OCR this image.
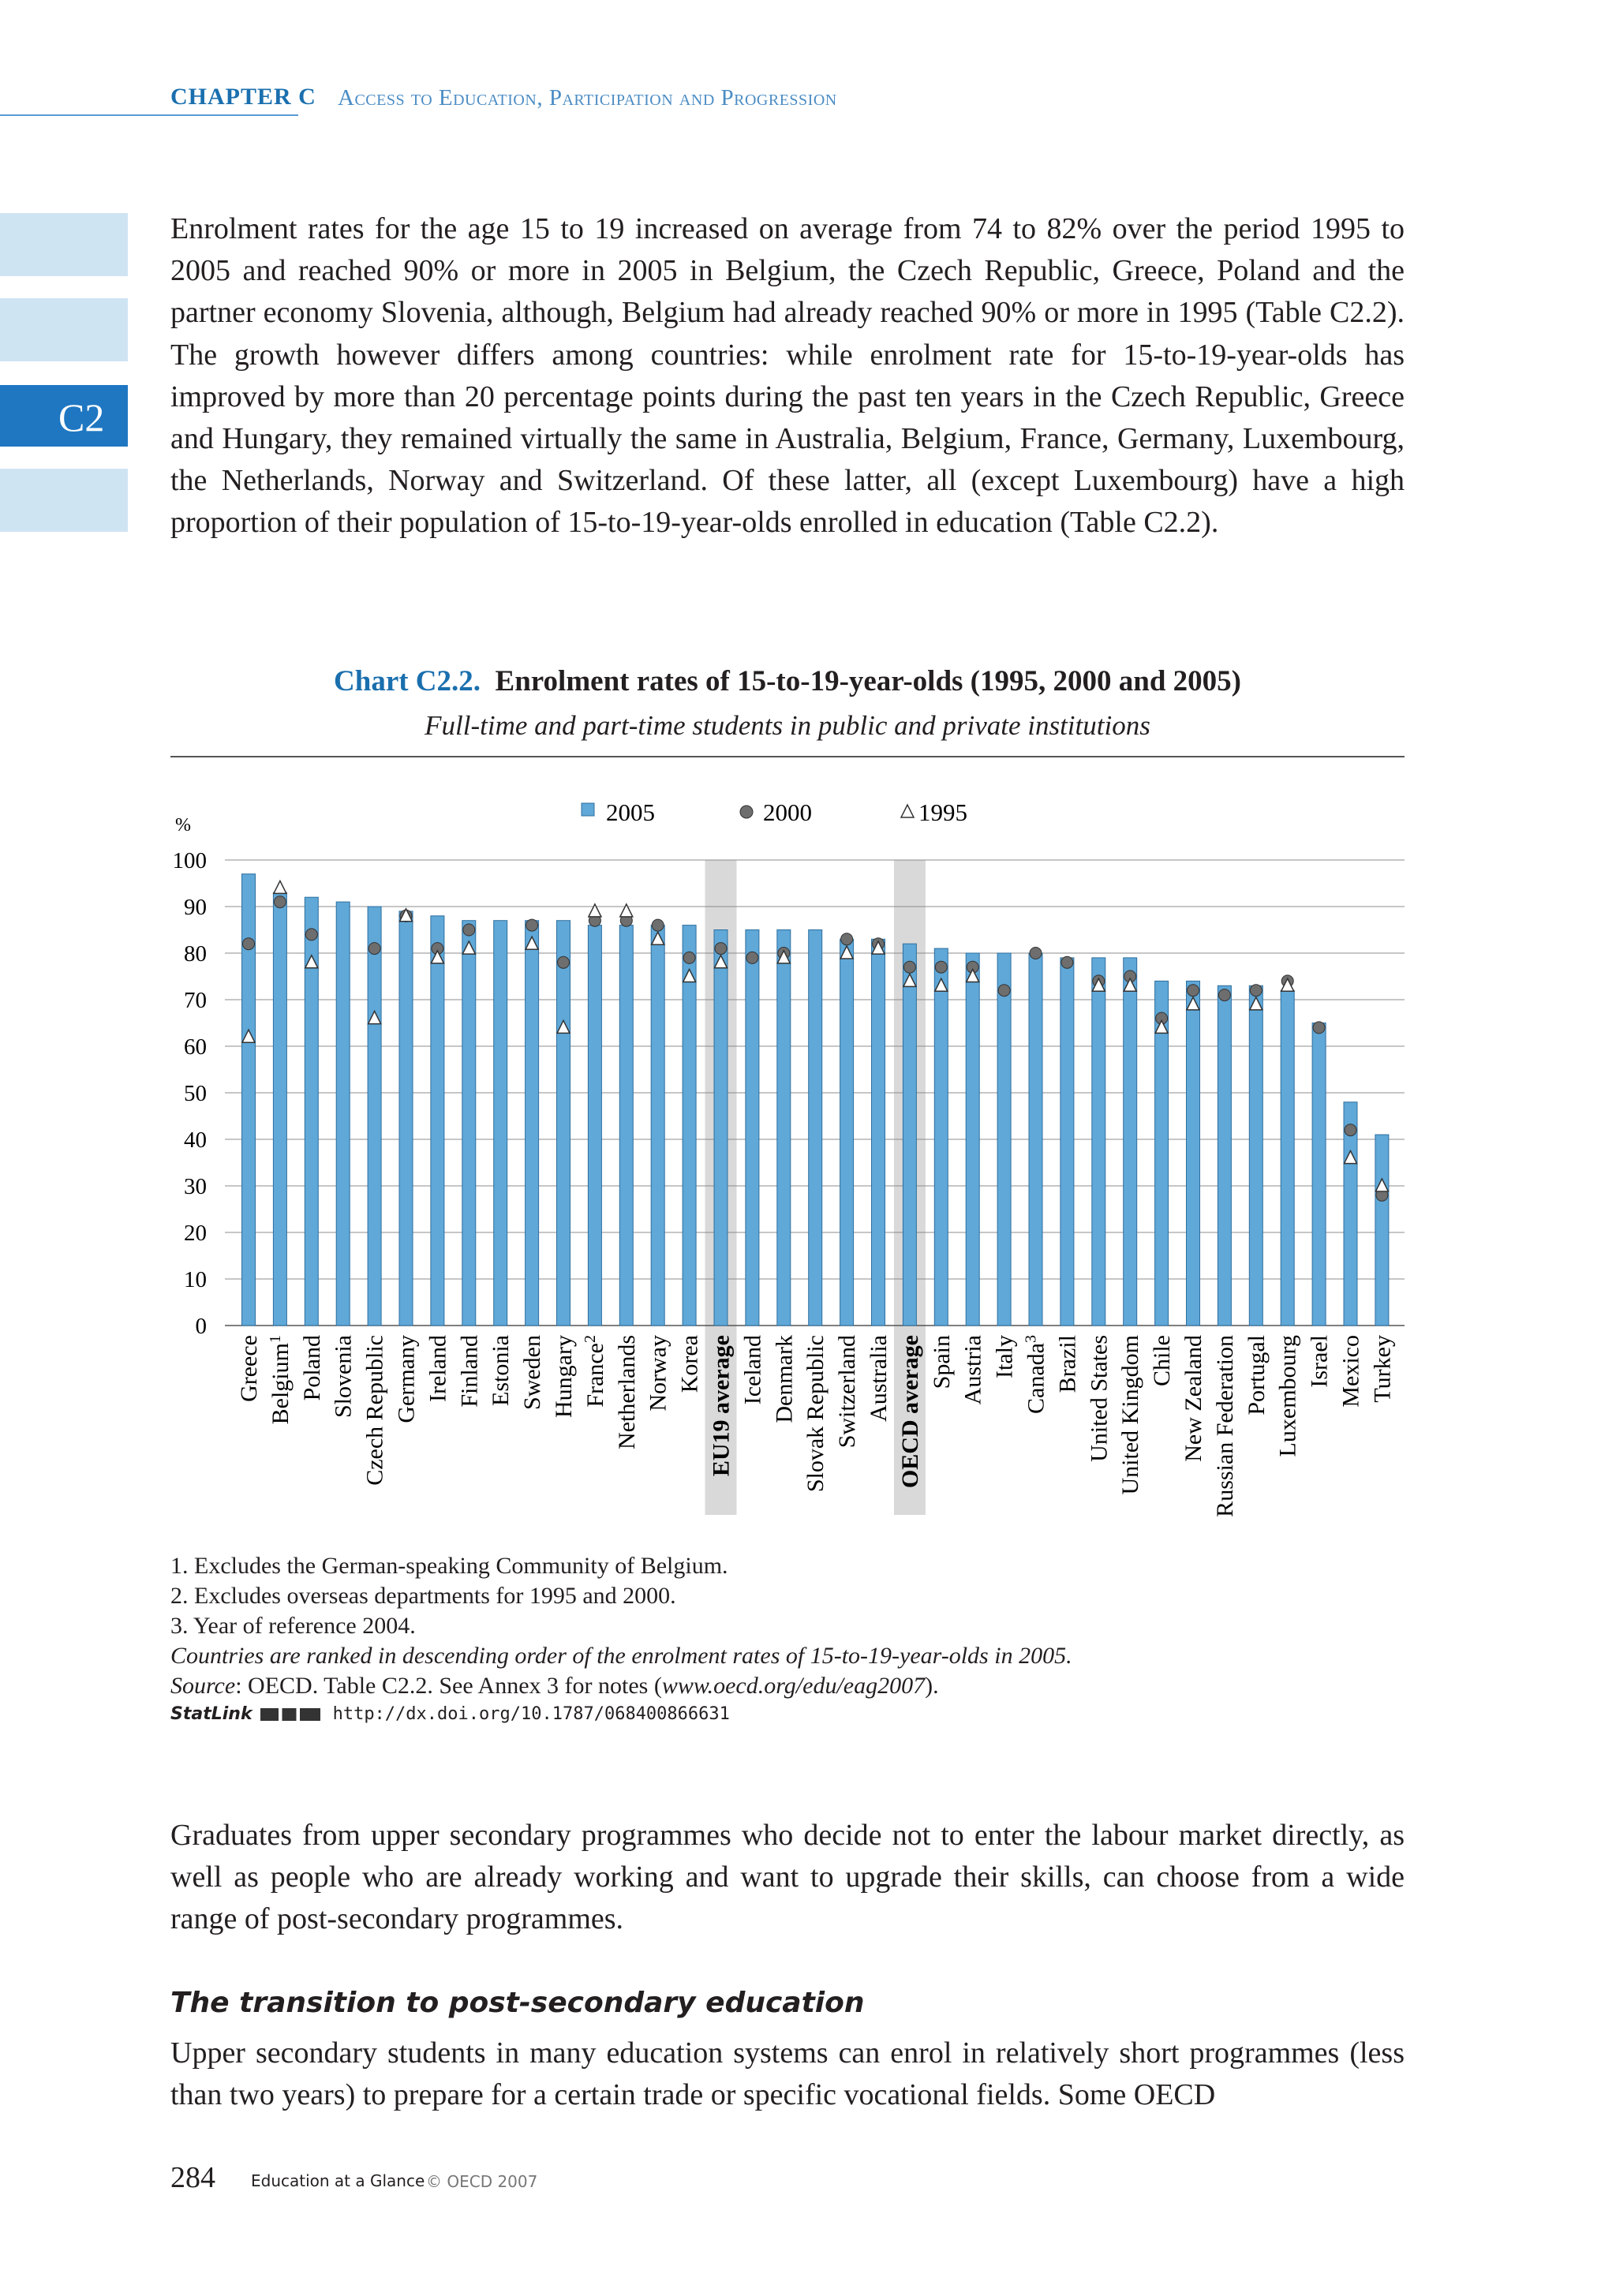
CHAPTER C Access to Education, Participation and Progression
C2
Enrolment rates for the age 15 to 19 increased on average from 74 to 82% over the period 1995 to 2005 and reached 90% or more in 2005 in Belgium, the Czech Republic, Greece, Poland and the partner economy Slovenia, although, Belgium had already reached 90% or more in 1995 (Table C2.2). The growth however differs among countries: while enrolment rate for 15-to-19-year-olds has improved by more than 20 percentage points during the past ten years in the Czech Republic, Greece and Hungary, they remained virtually the same in Australia, Belgium, France, Germany, Luxembourg, the Netherlands, Norway and Switzerland. Of these latter, all (except Luxembourg) have a high proportion of their population of 15-to-19-year-olds enrolled in education (Table C2.2).
Chart C2.2. Enrolment rates of 15-to-19-year-olds (1995, 2000 and 2005)
Full-time and part-time students in public and private institutions
0
10
20
30
40
50
60
70
80
90
100
Greece Belgium$^1$ Poland Slovenia Czech Republic Germany Ireland Finland Estonia Sweden Hungary France$^2$ Netherlands Norway Korea EU19 average Iceland Denmark Slovak Republic Switzerland Australia OECD average Spain Austria Italy Canada$^3$ Brazil United States United Kingdom Chile New Zealand Russian Federation Portugal Luxembourg Israel Mexico Turkey
2005	2000	1995
%
1. Excludes the German-speaking Community of Belgium.
2. Excludes overseas departments for 1995 and 2000.
3. Year of reference 2004.
Countries are ranked in descending order of the enrolment rates of 15-to-19-year-olds in 2005.
Source: OECD. Table C2.2. See Annex 3 for notes (www.oecd.org/edu/eag2007).
StatLink	http://dx.doi.org/10.1787/068400866631
Graduates from upper secondary programmes who decide not to enter the labour market directly, as well as people who are already working and want to upgrade their skills, can choose from a wide range of post-secondary programmes.
The transition to post-secondary education
Upper secondary students in many education systems can enrol in relatively short programmes (less than two years) to prepare for a certain trade or specific vocational fields. Some OECD
284 Education at a Glance © OECD 2007
